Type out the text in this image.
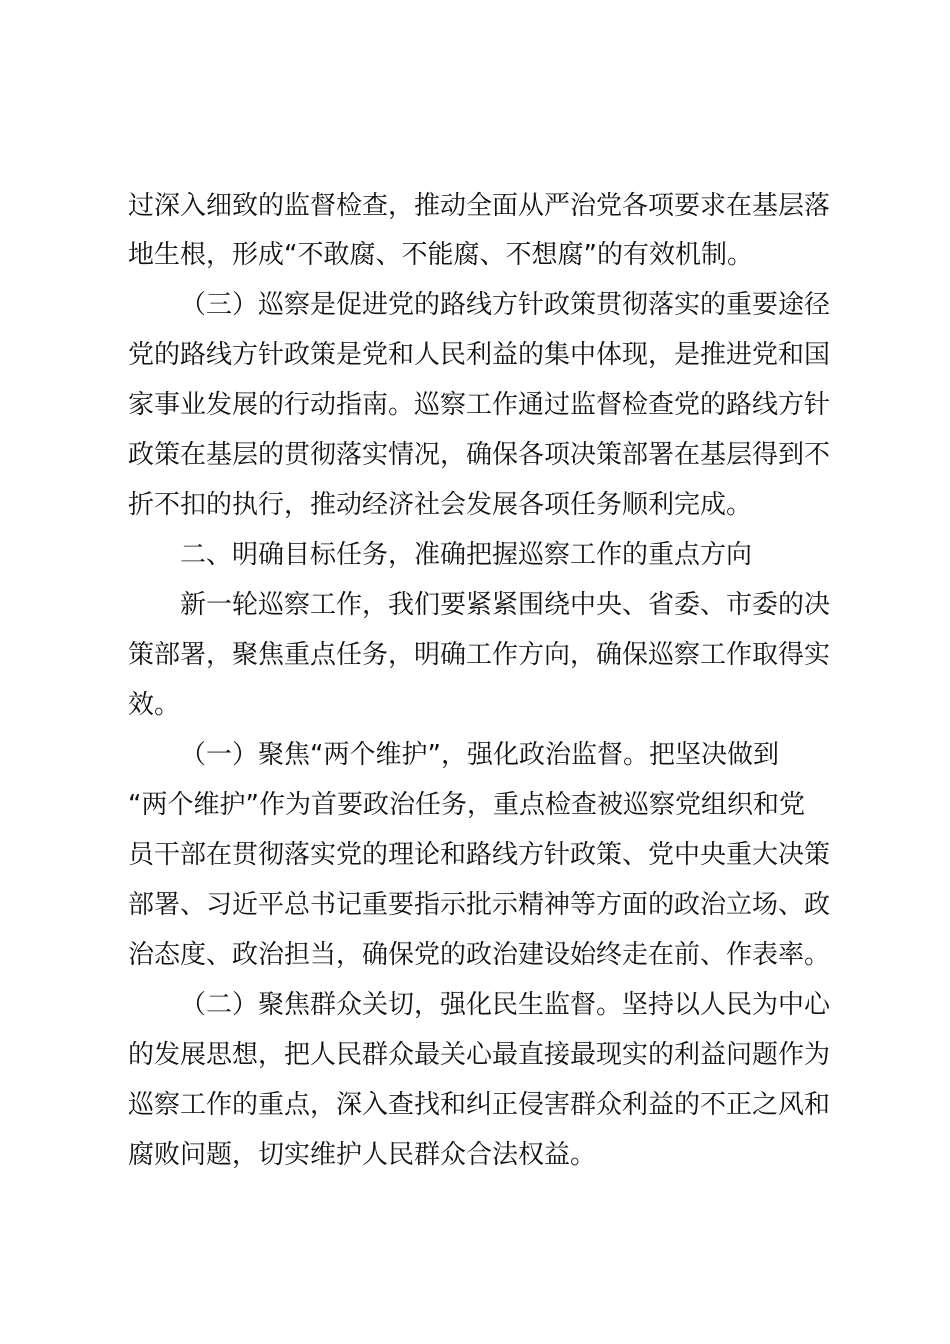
过深入细致的监督检查，推动全面从严治党各项要求在基层落
地生根，形成“不敢腐、不能腐、不想腐”的有效机制。
（三）巡察是促进党的路线方针政策贯彻落实的重要途径
党的路线方针政策是党和人民利益的集中体现，是推进党和国
家事业发展的行动指南。巡察工作通过监督检查党的路线方针
政策在基层的贯彻落实情况，确保各项决策部署在基层得到不
折不扣的执行，推动经济社会发展各项任务顺利完成。
二、明确目标任务，准确把握巡察工作的重点方向
新一轮巡察工作，我们要紧紧围绕中央、省委、市委的决
策部署，聚焦重点任务，明确工作方向，确保巡察工作取得实
效。
（一）聚焦“两个维护”，强化政治监督。把坚决做到
“两个维护”作为首要政治任务，重点检查被巡察党组织和党
员干部在贯彻落实党的理论和路线方针政策、党中央重大决策
部署、习近平总书记重要指示批示精神等方面的政治立场、政
治态度、政治担当，确保党的政治建设始终走在前、作表率。
（二）聚焦群众关切，强化民生监督。坚持以人民为中心
的发展思想，把人民群众最关心最直接最现实的利益问题作为
巡察工作的重点，深入查找和纠正侵害群众利益的不正之风和
腐败问题，切实维护人民群众合法权益。
